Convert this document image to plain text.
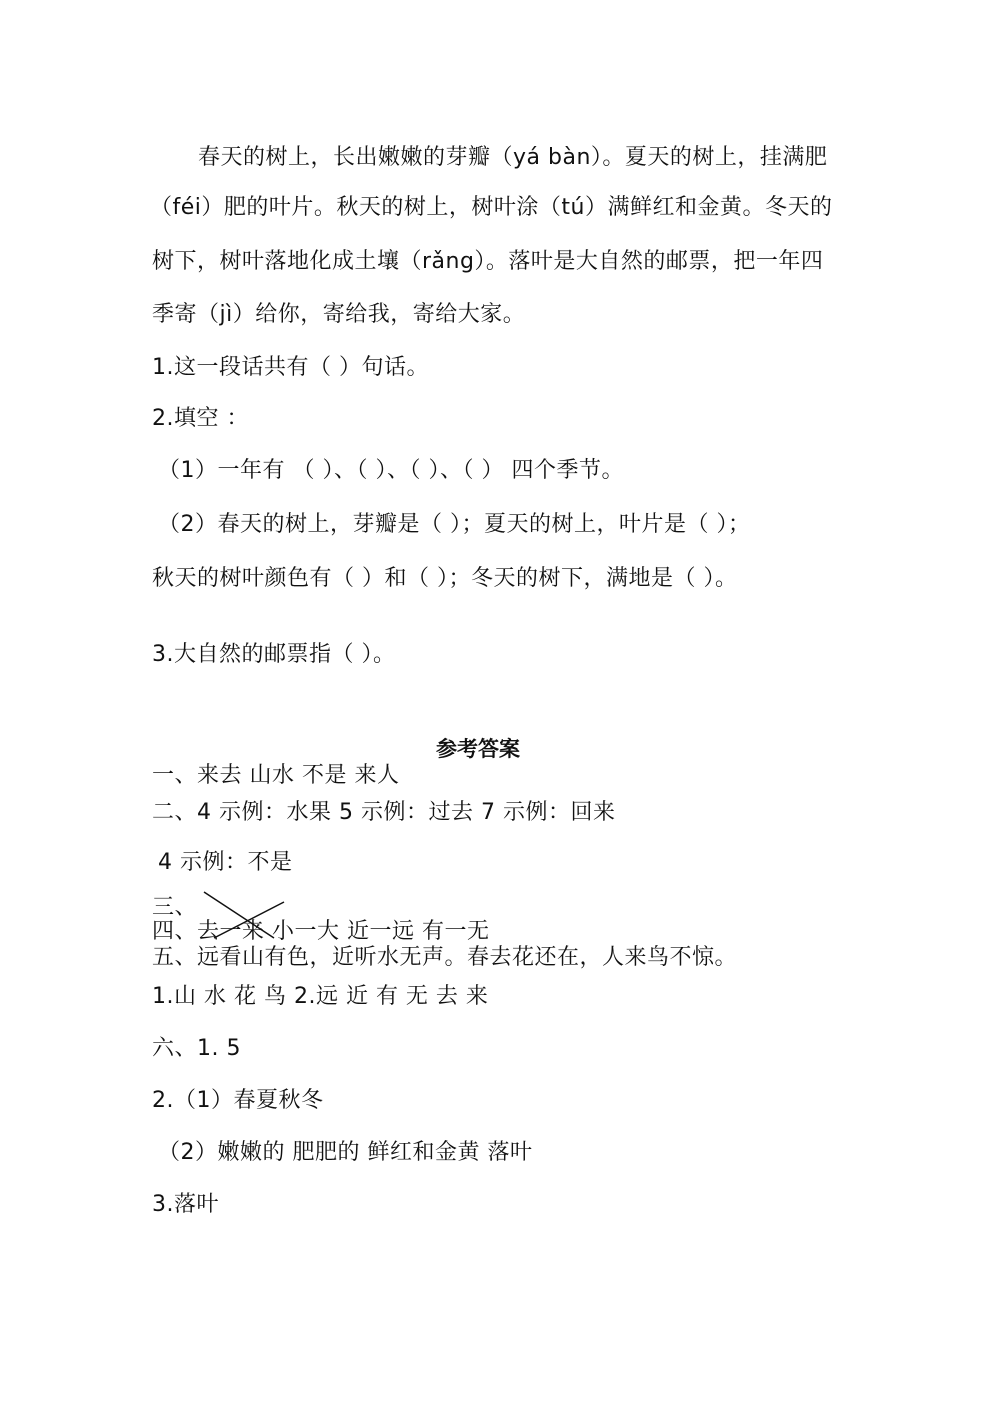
春天的树上，长出嫩嫩的芽瓣（yá bàn）。夏天的树上，挂满肥
（féi）肥的叶片。秋天的树上，树叶涂（tú）满鲜红和金黄。冬天的
树下，树叶落地化成土壤（rǎng）。落叶是大自然的邮票，把一年四
季寄（jì）给你，寄给我，寄给大家。
1.这一段话共有（ ）句话。
2.填空 ：
（1）一年有 （ ）、（ ）、（ ）、（ ） 四个季节。
（2）春天的树上，芽瓣是（ ）；夏天的树上，叶片是（ ）；
秋天的树叶颜色有（ ）和（ ）；冬天的树下，满地是（ ）。
3.大自然的邮票指（ ）。
参考答案
一、来去 山水 不是 来人
二、4 示例：水果 5 示例：过去 7 示例：回来
4 示例：不是
三、
四、去一来 小一大 近一远 有一无
五、远看山有色，近听水无声。春去花还在，人来鸟不惊。
1.山 水 花 鸟 2.远 近 有 无 去 来
六、1. 5
2.（1）春夏秋冬
（2）嫩嫩的 肥肥的 鲜红和金黄 落叶
3.落叶
